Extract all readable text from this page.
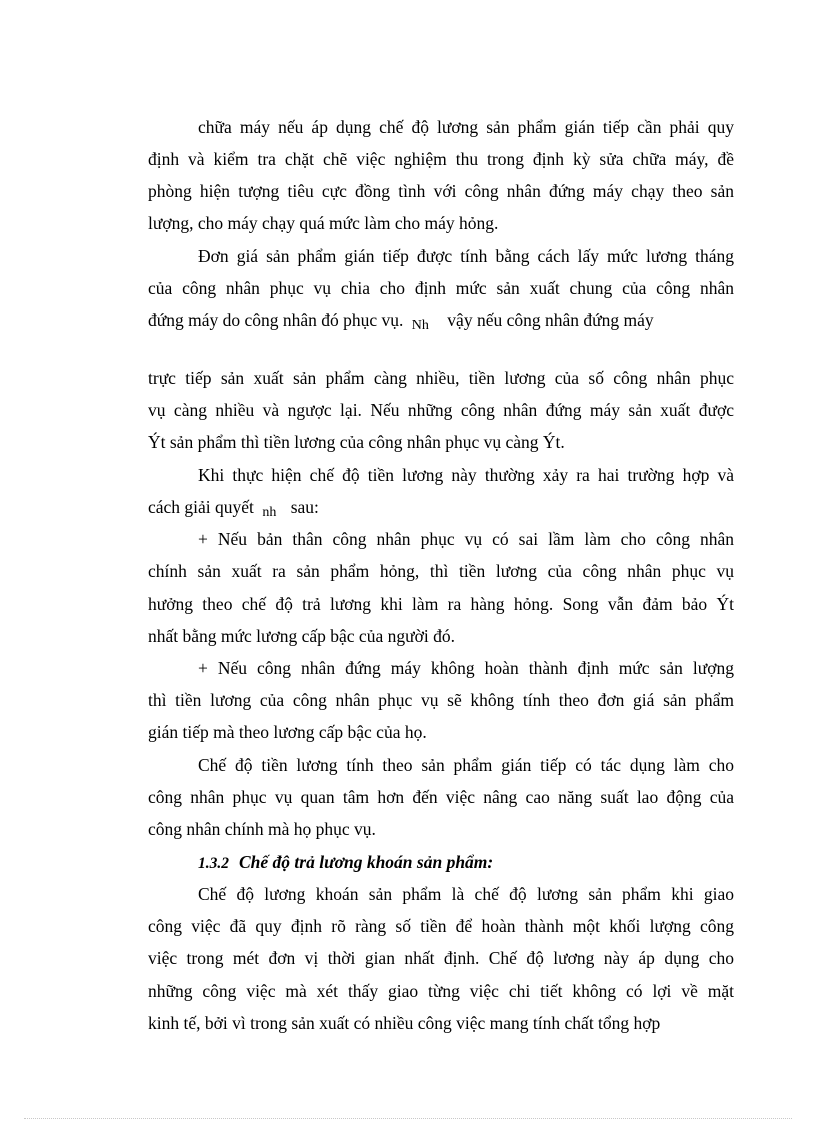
chữa máy nếu áp dụng chế độ lương sản phẩm gián tiếp cần phải quy
định và kiểm tra chặt chẽ việc nghiệm thu trong định kỳ sửa chữa máy, đề
phòng hiện tượng tiêu cực đồng tình với công nhân đứng máy chạy theo sản
lượng, cho máy chạy quá mức làm cho máy hỏng.
Đơn giá sản phẩm gián tiếp được tính bằng cách lấy mức lương tháng
của công nhân phục vụ chia cho định mức sản xuất chung của công nhân
đứng máy do công nhân đó phục vụ. Nh vậy nếu công nhân đứng máy
trực tiếp sản xuất sản phẩm càng nhiều, tiền lương của số công nhân phục
vụ càng nhiều và ngược lại. Nếu những công nhân đứng máy sản xuất được
Ýt sản phẩm thì tiền lương của công nhân phục vụ càng Ýt.
Khi thực hiện chế độ tiền lương này thường xảy ra hai trường hợp và
cách giải quyết nh sau:
+ Nếu bản thân công nhân phục vụ có sai lầm làm cho công nhân
chính sản xuất ra sản phẩm hỏng, thì tiền lương của công nhân phục vụ
hưởng theo chế độ trả lương khi làm ra hàng hỏng. Song vẫn đảm bảo Ýt
nhất bằng mức lương cấp bậc của người đó.
+ Nếu công nhân đứng máy không hoàn thành định mức sản lượng
thì tiền lương của công nhân phục vụ sẽ không tính theo đơn giá sản phẩm
gián tiếp mà theo lương cấp bậc của họ.
Chế độ tiền lương tính theo sản phẩm gián tiếp có tác dụng làm cho
công nhân phục vụ quan tâm hơn đến việc nâng cao năng suất lao động của
công nhân chính mà họ phục vụ.
1.3.2 Chế độ trả lương khoán sản phẩm:
Chế độ lương khoán sản phẩm là chế độ lương sản phẩm khi giao
công việc đã quy định rõ ràng số tiền để hoàn thành một khối lượng công
việc trong mét đơn vị thời gian nhất định. Chế độ lương này áp dụng cho
những công việc mà xét thấy giao từng việc chi tiết không có lợi về mặt
kinh tế, bởi vì trong sản xuất có nhiều công việc mang tính chất tổng hợp
